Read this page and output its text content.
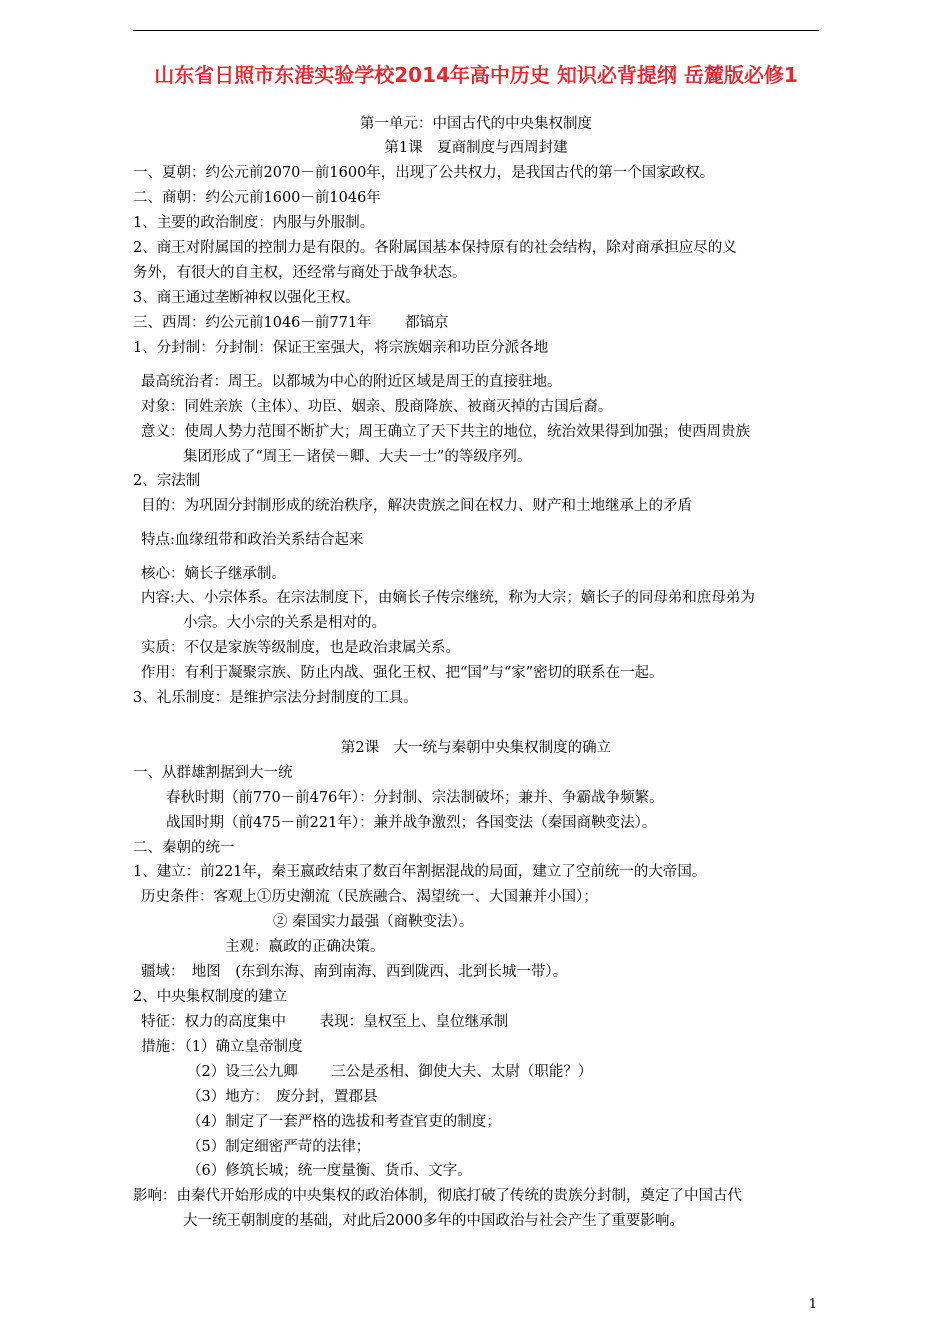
山东省日照市东港实验学校2014年高中历史 知识必背提纲 岳麓版必修1

第一单元：中国古代的中央集权制度

第1课　夏商制度与西周封建

一、夏朝：约公元前2070－前1600年，出现了公共权力，是我国古代的第一个国家政权。

二、商朝：约公元前1600－前1046年

1、主要的政治制度：内服与外服制。

2、商王对附属国的控制力是有限的。各附属国基本保持原有的社会结构，除对商承担应尽的义

务外，有很大的自主权，还经常与商处于战争状态。

3、商王通过垄断神权以强化王权。

三、西周：约公元前1046－前771年　　 都镐京

1、分封制：分封制：保证王室强大，将宗族姻亲和功臣分派各地

最高统治者：周王。以都城为中心的附近区域是周王的直接驻地。

对象：同姓亲族（主体）、功臣、姻亲、殷商降族、被商灭掉的古国后裔。

意义：使周人势力范围不断扩大；周王确立了天下共主的地位，统治效果得到加强；使西周贵族

集团形成了“周王－诸侯－卿、大夫－士”的等级序列。

2、宗法制

目的：为巩固分封制形成的统治秩序，解决贵族之间在权力、财产和土地继承上的矛盾

特点:血缘纽带和政治关系结合起来

核心：嫡长子继承制。

内容:大、小宗体系。在宗法制度下，由嫡长子传宗继统，称为大宗；嫡长子的同母弟和庶母弟为

小宗。大小宗的关系是相对的。

实质：不仅是家族等级制度，也是政治隶属关系。

作用：有利于凝聚宗族、防止内战、强化王权、把“国”与“家”密切的联系在一起。

3、礼乐制度：是维护宗法分封制度的工具。

第2课　大一统与秦朝中央集权制度的确立

一、从群雄割据到大一统

春秋时期（前770－前476年）：分封制、宗法制破坏；兼并、争霸战争频繁。

战国时期（前475－前221年）：兼并战争激烈；各国变法（秦国商鞅变法）。

二、秦朝的统一

1、建立：前221年，秦王嬴政结束了数百年割据混战的局面，建立了空前统一的大帝国。

历史条件：客观上①历史潮流（民族融合、渴望统一、大国兼并小国）；

② 秦国实力最强（商鞅变法）。

主观：嬴政的正确决策。

疆域：　地图　(东到东海、南到南海、西到陇西、北到长城一带）。

2、中央集权制度的建立

特征：权力的高度集中　　 表现：皇权至上、皇位继承制

措施：（1）确立皇帝制度

（2）设三公九卿　　 三公是丞相、御使大夫、太尉（职能？）

（3）地方：　废分封，置郡县

（4）制定了一套严格的选拔和考查官吏的制度；

（5）制定细密严苛的法律；

（6）修筑长城；统一度量衡、货币、文字。

影响：由秦代开始形成的中央集权的政治体制，彻底打破了传统的贵族分封制，奠定了中国古代

大一统王朝制度的基础，对此后2000多年的中国政治与社会产生了重要影响。

1
